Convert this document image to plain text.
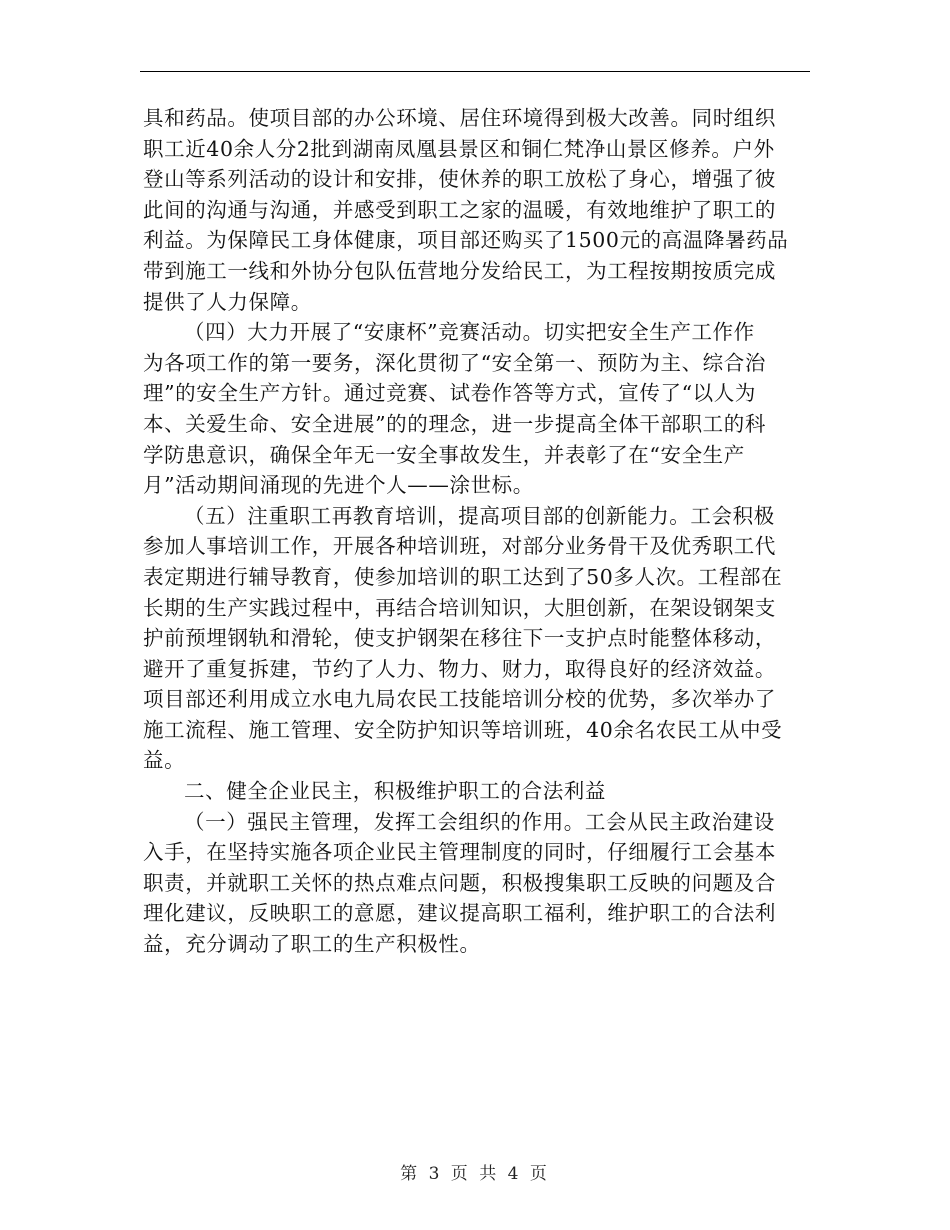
具和药品。使项目部的办公环境、居住环境得到极大改善。同时组织
职工近40余人分2批到湖南凤凰县景区和铜仁梵净山景区修养。户外
登山等系列活动的设计和安排，使休养的职工放松了身心，增强了彼
此间的沟通与沟通，并感受到职工之家的温暖，有效地维护了职工的
利益。为保障民工身体健康，项目部还购买了1500元的高温降暑药品
带到施工一线和外协分包队伍营地分发给民工，为工程按期按质完成
提供了人力保障。
（四）大力开展了“安康杯”竞赛活动。切实把安全生产工作作
为各项工作的第一要务，深化贯彻了“安全第一、预防为主、综合治
理”的安全生产方针。通过竞赛、试卷作答等方式，宣传了“以人为
本、关爱生命、安全进展”的的理念，进一步提高全体干部职工的科
学防患意识，确保全年无一安全事故发生，并表彰了在“安全生产
月”活动期间涌现的先进个人——涂世标。
（五）注重职工再教育培训，提高项目部的创新能力。工会积极
参加人事培训工作，开展各种培训班，对部分业务骨干及优秀职工代
表定期进行辅导教育，使参加培训的职工达到了50多人次。工程部在
长期的生产实践过程中，再结合培训知识，大胆创新，在架设钢架支
护前预埋钢轨和滑轮，使支护钢架在移往下一支护点时能整体移动，
避开了重复拆建，节约了人力、物力、财力，取得良好的经济效益。
项目部还利用成立水电九局农民工技能培训分校的优势，多次举办了
施工流程、施工管理、安全防护知识等培训班，40余名农民工从中受
益。
二、健全企业民主，积极维护职工的合法利益
（一）强民主管理，发挥工会组织的作用。工会从民主政治建设
入手，在坚持实施各项企业民主管理制度的同时，仔细履行工会基本
职责，并就职工关怀的热点难点问题，积极搜集职工反映的问题及合
理化建议，反映职工的意愿，建议提高职工福利，维护职工的合法利
益，充分调动了职工的生产积极性。
第 3 页 共 4 页
